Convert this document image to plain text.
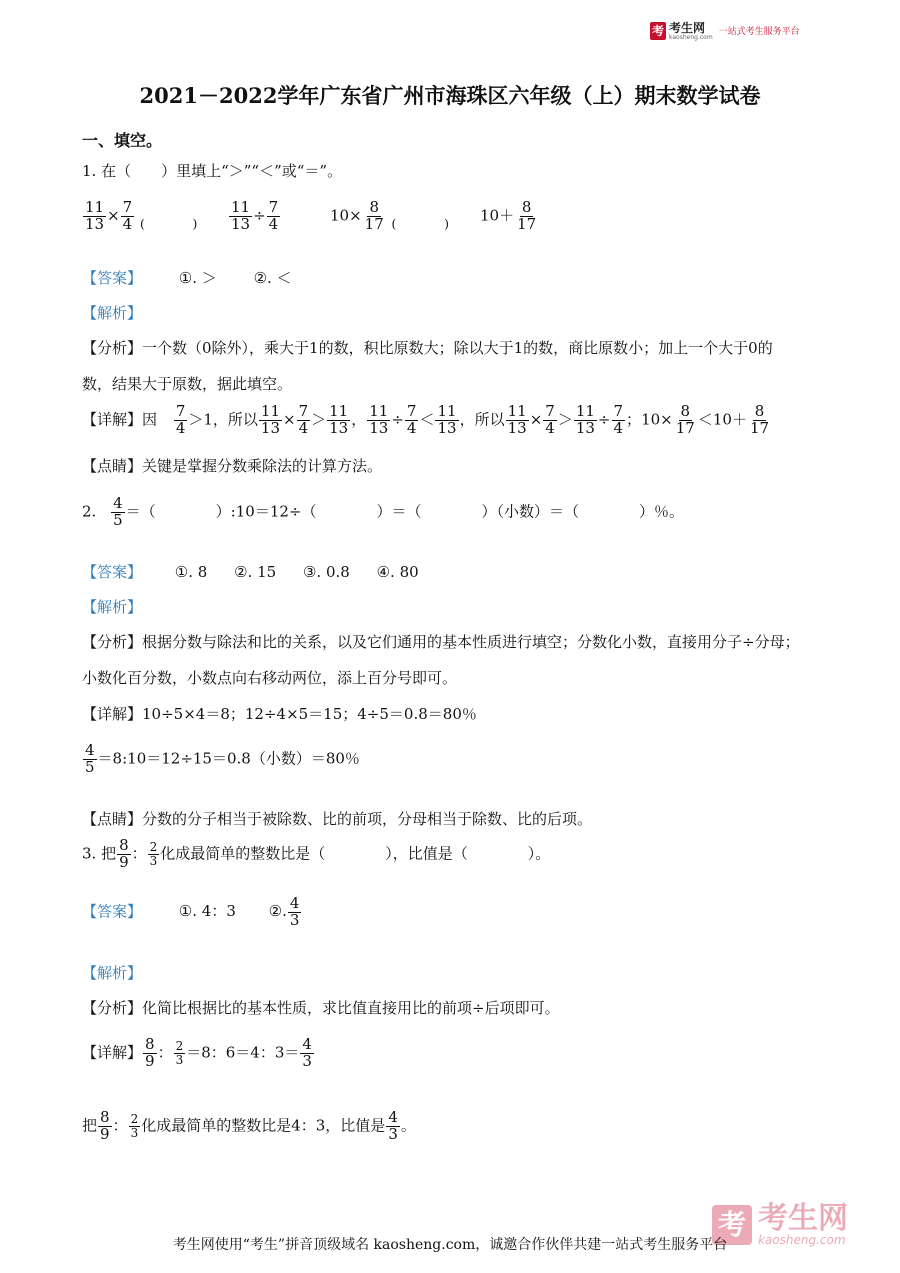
考 考生网
kaosheng.com
一站式考生服务平台
2021－2022学年广东省广州市海珠区六年级（上）期末数学试卷
一、填空。
1. 在（　　）里填上“＞”“＜”或“＝”。
$\frac{11}{13} \times \frac{7}{4} _{( )} \frac{11}{13} \div \frac{7}{4}$	$10\times \frac{8}{17} _{( )}$ $10+ \frac{8}{17}$
【答案】 ①. ＞ ②. ＜
【解析】
【分析】一个数（0除外），乘大于1的数，积比原数大；除以大于1的数，商比原数小；加上一个大于0的
数，结果大于原数，据此填空。
【详解】因 $\frac{7}{4} >1$，所以 $\frac{11}{13} \times \frac{7}{4} > \frac{11}{13}$ ， $\frac{11}{13} \div \frac{7}{4} < \frac{11}{13}$ ，所以 $\frac{11}{13} \times \frac{7}{4} > \frac{11}{13} \div \frac{7}{4}$ ；$10\times \frac{8}{17} <10+ \frac{8}{17}$
【点睛】关键是掌握分数乘除法的计算方法。
2. $\frac{4}{5}$ ＝（　　　　）:10＝12÷（　　　　）＝（　　　　）（小数）＝（　　　　）％。
【答案】 ①. 8 ②. 15 ③. 0.8 ④. 80
【解析】
【分析】根据分数与除法和比的关系，以及它们通用的基本性质进行填空；分数化小数，直接用分子÷分母；
小数化百分数，小数点向右移动两位，添上百分号即可。
【详解】10÷5×4＝8；12÷4×5＝15；4÷5＝0.8＝80％
$\frac{4}{5}$ ＝8:10＝12÷15＝0.8（小数）＝80％
【点睛】分数的分子相当于被除数、比的前项，分母相当于除数、比的后项。
3. 把 $\frac{8}{9}$ ： $\frac{2}{3}$ 化成最简单的整数比是（　　　　），比值是（　　　　）。
【答案】 ①. 4：3 ②. $\frac{4}{3}$
【解析】
【分析】化简比根据比的基本性质，求比值直接用比的前项÷后项即可。
【详解】 $\frac{8}{9}$ ： $\frac{2}{3} =8$：6＝4：$3= \frac{4}{3}$
把 $\frac{8}{9}$ ： $\frac{2}{3}$ 化成最简单的整数比是4：3，比值是 $\frac{4}{3}$ 。
考 考生网
kaosheng.com
考生网使用“考生”拼音顶级域名 kaosheng.com，诚邀合作伙伴共建一站式考生服务平台
